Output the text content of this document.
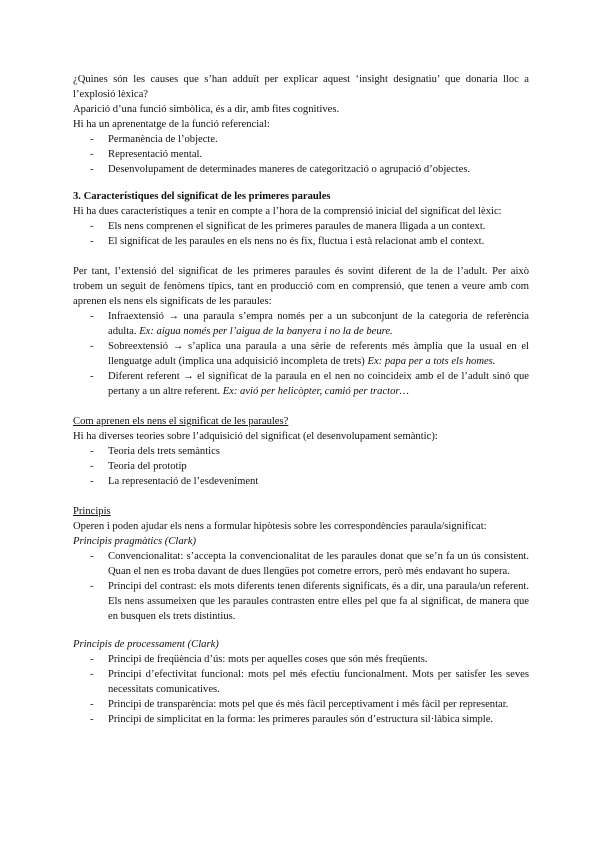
¿Quines són les causes que s’han adduït per explicar aquest ‘insight designatiu’ que donaria lloc a l’explosió lèxica?

Aparició d’una funció simbòlica, és a dir, amb fites cognitives.

Hi ha un aprenentatge de la funció referencial:

- Permanència de l’objecte.
- Representació mental.
- Desenvolupament de determinades maneres de categorització o agrupació d’objectes.

3. Característiques del significat de les primeres paraules

Hi ha dues característiques a tenir en compte a l’hora de la comprensió inicial del significat del lèxic:

- Els nens comprenen el significat de les primeres paraules de manera lligada a un context.
- El significat de les paraules en els nens no és fix, fluctua i està relacionat amb el context.

Per tant, l’extensió del significat de les primeres paraules és sovint diferent de la de l’adult. Per això trobem un seguit de fenòmens típics, tant en producció com en comprensió, que tenen a veure amb com aprenen els nens els significats de les paraules:

- Infraextensió → una paraula s’empra només per a un subconjunt de la categoria de referència adulta. Ex: aigua només per l’aigua de la banyera i no la de beure.
- Sobreextensió → s’aplica una paraula a una sèrie de referents més àmplia que la usual en el llenguatge adult (implica una adquisició incompleta de trets) Ex: papa per a tots els homes.
- Diferent referent → el significat de la paraula en el nen no coincideix amb el de l’adult sinó que pertany a un altre referent. Ex: avió per helicòpter, camió per tractor…

Com aprenen els nens el significat de les paraules?

Hi ha diverses teories sobre l’adquisició del significat (el desenvolupament semàntic):

- Teoria dels trets semàntics
- Teoria del prototip
- La representació de l’esdeveniment

Principis

Operen i poden ajudar els nens a formular hipòtesis sobre les correspondències paraula/significat:

Principis pragmàtics (Clark)

- Convencionalitat: s’accepta la convencionalitat de les paraules donat que se’n fa un ús consistent. Quan el nen es troba davant de dues llengües pot cometre errors, però més endavant ho supera.
- Principi del contrast: els mots diferents tenen diferents significats, és a dir, una paraula/un referent. Els nens assumeixen que les paraules contrasten entre elles pel que fa al significat, de manera que en busquen els trets distintius.

Principis de processament (Clark)

- Principi de freqüència d’ús: mots per aquelles coses que són més freqüents.
- Principi d’efectivitat funcional: mots pel més efectiu funcionalment. Mots per satisfer les seves necessitats comunicatives.
- Principi de transparència: mots pel que és més fàcil perceptivament i més fàcil per representar.
- Principi de simplicitat en la forma: les primeres paraules són d’estructura sil·làbica simple.
